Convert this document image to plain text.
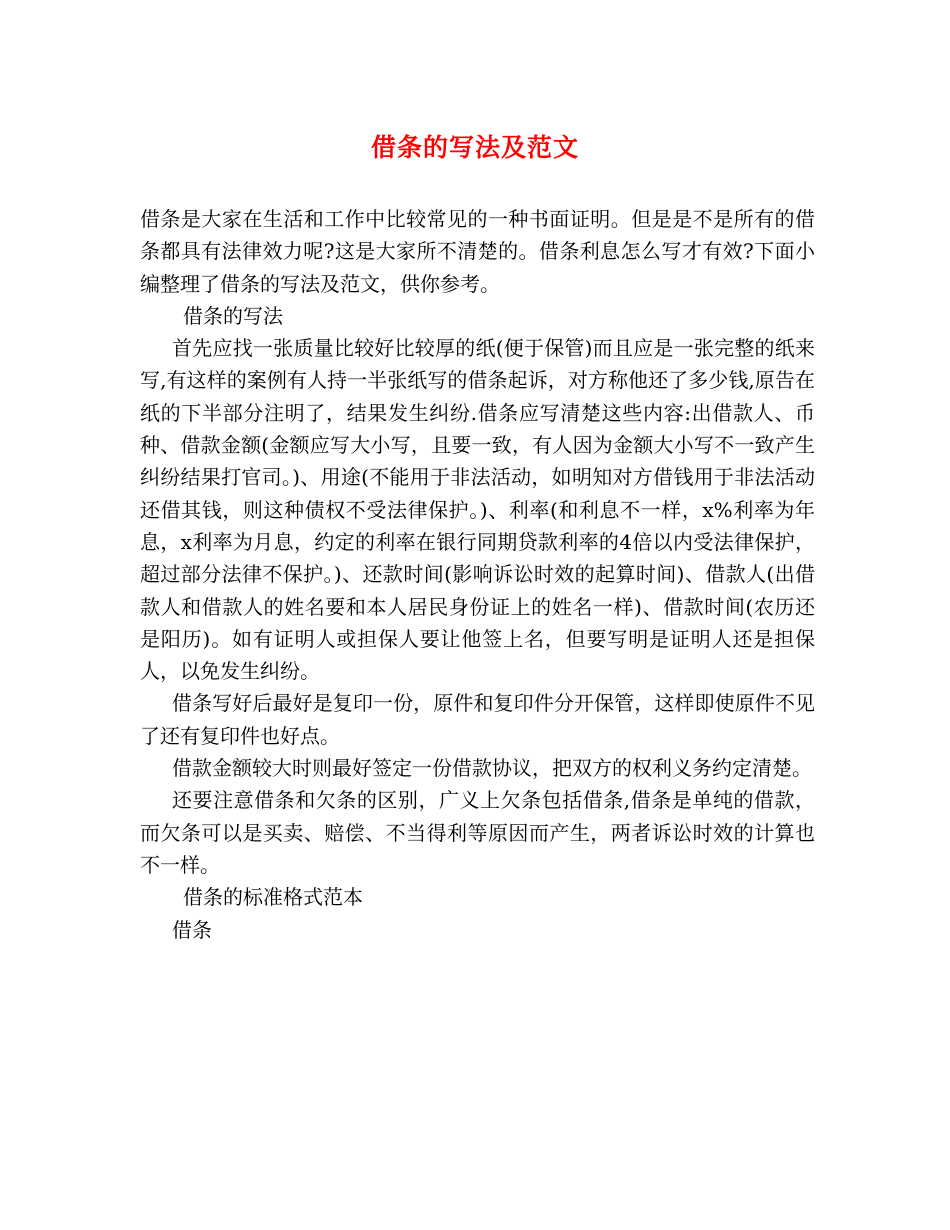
借条的写法及范文

借条是大家在生活和工作中比较常见的一种书面证明。但是是不是所有的借条都具有法律效力呢?这是大家所不清楚的。借条利息怎么写才有效?下面小编整理了借条的写法及范文，供你参考。

借条的写法

首先应找一张质量比较好比较厚的纸(便于保管)而且应是一张完整的纸来写,有这样的案例有人持一半张纸写的借条起诉，对方称他还了多少钱,原告在纸的下半部分注明了，结果发生纠纷.借条应写清楚这些内容:出借款人、币种、借款金额(金额应写大小写，且要一致，有人因为金额大小写不一致产生纠纷结果打官司。)、用途(不能用于非法活动，如明知对方借钱用于非法活动还借其钱，则这种债权不受法律保护。)、利率(和利息不一样，x%利率为年息，x利率为月息，约定的利率在银行同期贷款利率的4倍以内受法律保护，超过部分法律不保护。)、还款时间(影响诉讼时效的起算时间)、借款人(出借款人和借款人的姓名要和本人居民身份证上的姓名一样)、借款时间(农历还是阳历)。如有证明人或担保人要让他签上名，但要写明是证明人还是担保人，以免发生纠纷。

借条写好后最好是复印一份，原件和复印件分开保管，这样即使原件不见了还有复印件也好点。

借款金额较大时则最好签定一份借款协议，把双方的权利义务约定清楚。

还要注意借条和欠条的区别，广义上欠条包括借条,借条是单纯的借款，而欠条可以是买卖、赔偿、不当得利等原因而产生，两者诉讼时效的计算也不一样。

借条的标准格式范本

借条
